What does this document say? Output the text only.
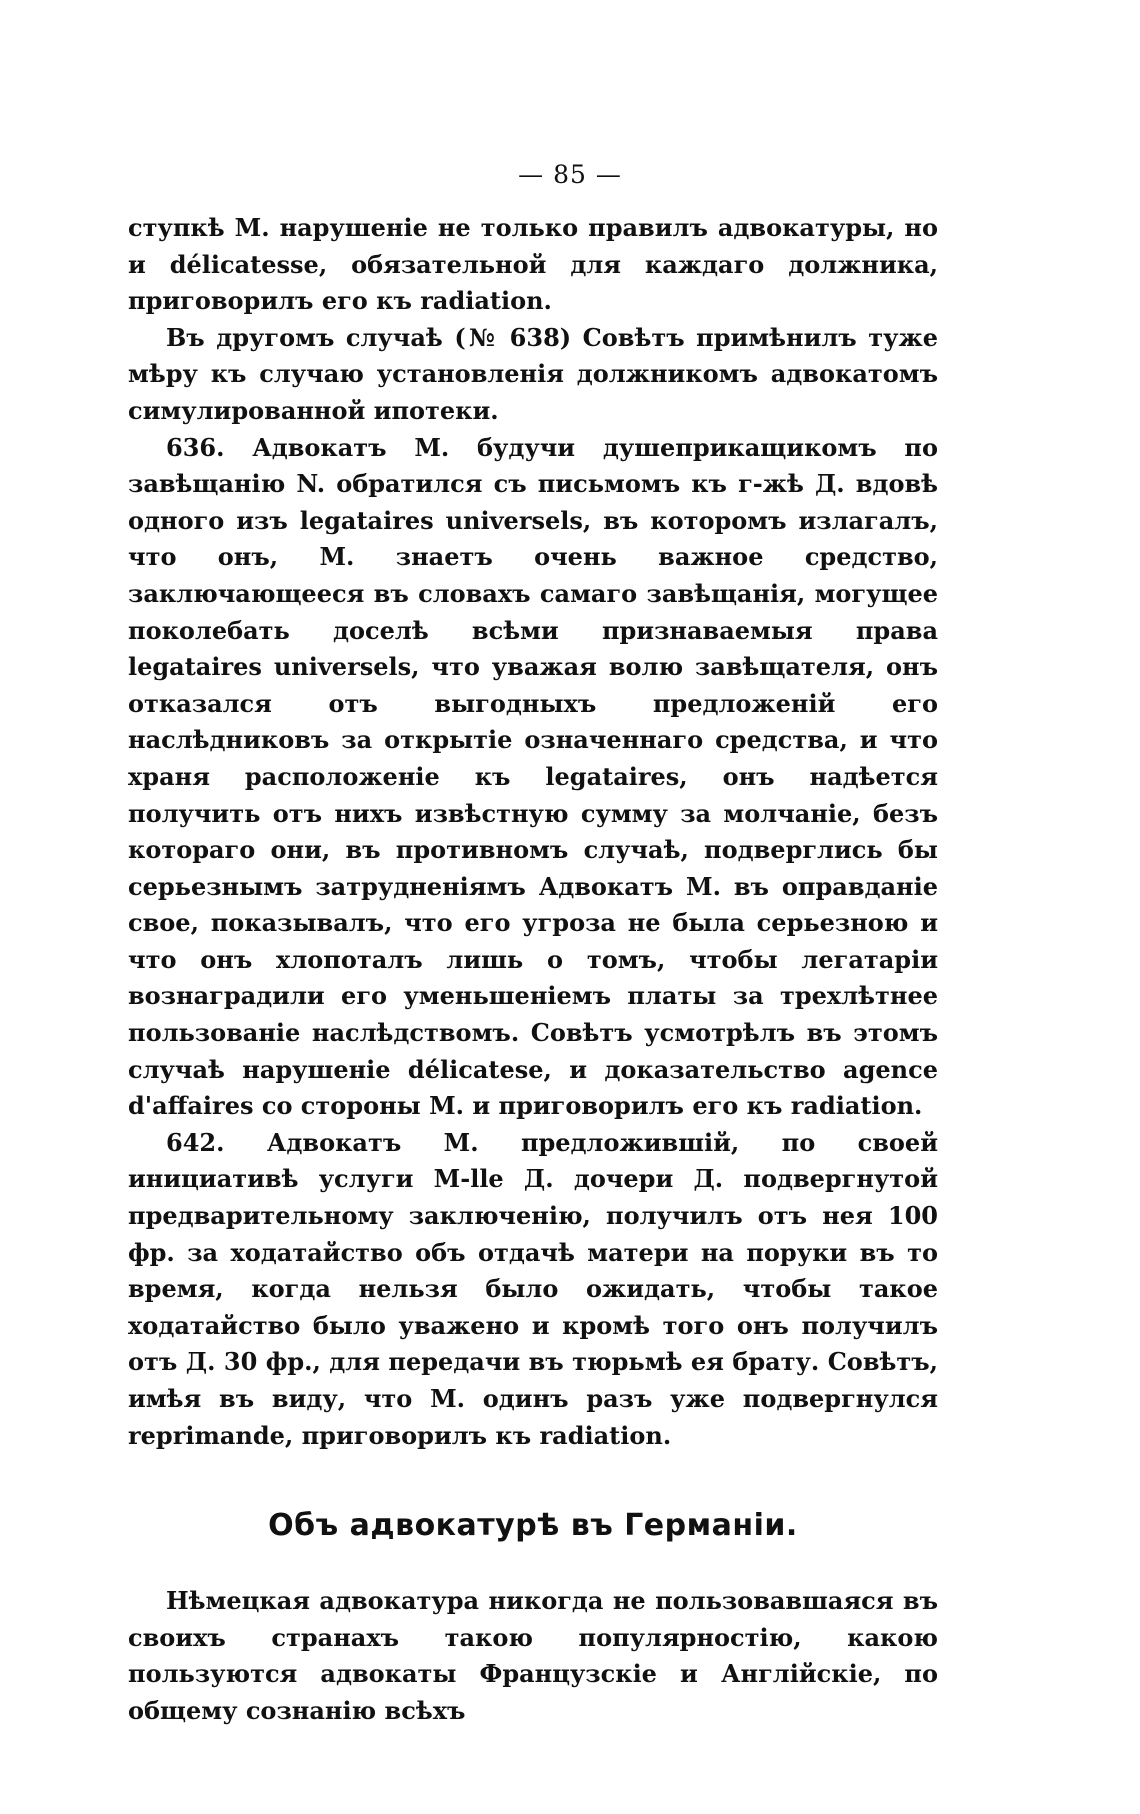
— 85 —

ступкѣ М. нарушеніе не только правилъ адвокатуры, но и délicatesse, обязательной для каждаго должника, приговорилъ его къ radiation.

Въ другомъ случаѣ (№ 638) Совѣтъ примѣнилъ туже мѣру къ случаю установленія должникомъ адвокатомъ симулированной ипотеки.

636. Адвокатъ М. будучи душеприкащикомъ по завѣщанію N. обратился съ письмомъ къ г-жѣ Д. вдовѣ одного изъ legataires universels, въ которомъ излагалъ, что онъ, М. знаетъ очень важное средство, заключающееся въ словахъ самаго завѣщанія, могущее поколебать доселѣ всѣми признаваемыя права legataires universels, что уважая волю завѣщателя, онъ отказался отъ выгодныхъ предложеній его наслѣдниковъ за открытіе означеннаго средства, и что храня расположеніе къ legataires, онъ надѣется получить отъ нихъ извѣстную сумму за молчаніе, безъ котораго они, въ противномъ случаѣ, подверглись бы серьезнымъ затрудненіямъ Адвокатъ М. въ оправданіе свое, показывалъ, что его угроза не была серьезною и что онъ хлопоталъ лишь о томъ, чтобы легатаріи вознаградили его уменьшеніемъ платы за трехлѣтнее пользованіе наслѣдствомъ. Совѣтъ усмотрѣлъ въ этомъ случаѣ нарушеніе délicatese, и доказательство agence d'affaires со стороны М. и приговорилъ его къ radiation.

642. Адвокатъ М. предложившій, по своей инициативѣ услуги М-lle Д. дочери Д. подвергнутой предварительному заключенію, получилъ отъ нея 100 фр. за ходатайство объ отдачѣ матери на поруки въ то время, когда нельзя было ожидать, чтобы такое ходатайство было уважено и кромѣ того онъ получилъ отъ Д. 30 фр., для передачи въ тюрьмѣ ея брату. Совѣтъ, имѣя въ виду, что М. одинъ разъ уже подвергнулся reprimande, приговорилъ къ radiation.

Объ адвокатурѣ въ Германіи.

Нѣмецкая адвокатура никогда не пользовавшаяся въ своихъ странахъ такою популярностію, какою пользуются адвокаты Французскіе и Англійскіе, по общему сознанію всѣхъ
